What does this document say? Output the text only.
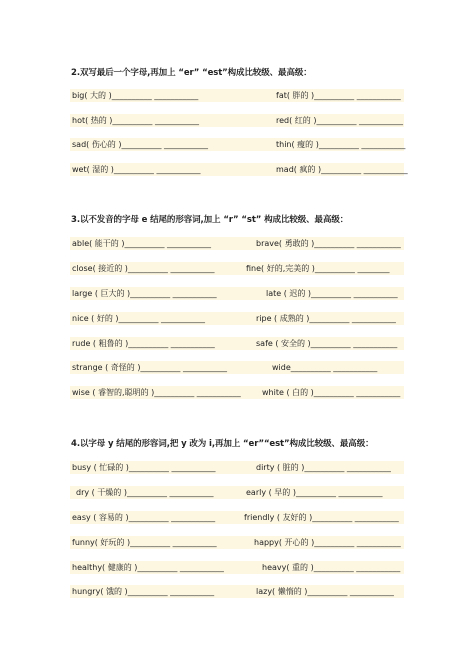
2.双写最后一个字母,再加上 “er” “est”构成比较级、最高级：
big( 大的 )__________ ___________	fat( 胖的 )__________ ___________
hot( 热的 )__________ ___________	red( 红的 )__________ ___________
sad( 伤心的 )__________ ___________	thin( 瘦的 )__________ ___________
wet( 湿的 )__________ ___________	mad( 疯的 )__________ ___________
3.以不发音的字母 e 结尾的形容词,加上 “r” “st” 构成比较级、最高级：
able( 能干的 )__________ ___________	brave( 勇敢的 )__________ ___________
close( 接近的 )__________ ___________	fine( 好的,完美的 )__________ ________
large ( 巨大的 )__________ ___________	late ( 迟的 )__________ ___________
nice ( 好的 )__________ ___________	ripe ( 成熟的 )__________ ___________
rude ( 粗鲁的 )__________ ___________	safe ( 安全的 )__________ ___________
strange ( 奇怪的 )__________ ___________	wide__________ ___________
wise ( 睿智的,聪明的 )__________ ___________	white ( 白的 )__________ ___________
4.以字母 y 结尾的形容词,把 y 改为 i,再加上 “er”“est”构成比较级、最高级：
busy ( 忙碌的 )__________ ___________	dirty ( 脏的 )__________ ___________
dry ( 干燥的 )__________ ___________	early ( 早的 )__________ ___________
easy ( 容易的 )__________ ___________	friendly ( 友好的 )__________ ___________
funny( 好玩的 )__________ ___________	happy( 开心的 )__________ ___________
healthy( 健康的 )__________ ___________	heavy( 重的 )__________ ___________
hungry( 饿的 )__________ ___________	lazy( 懒惰的 )__________ ___________
